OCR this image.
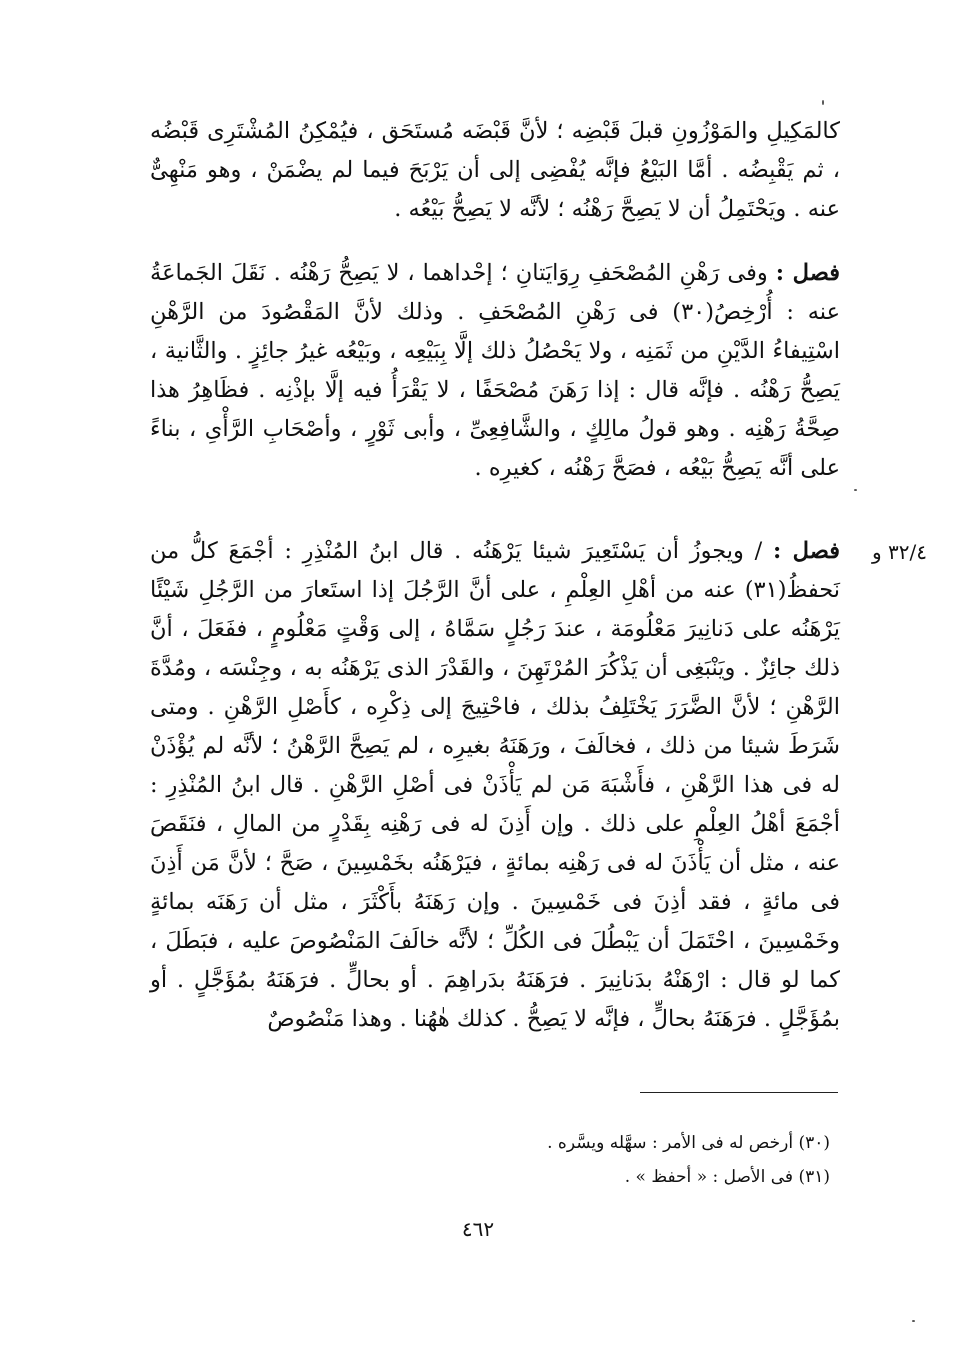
كالمَكِيلِ والمَوْزُونِ قبلَ قَبْضِه ؛ لأنَّ قَبْضَه مُستَحَق ، فيُمْكِنُ المُشْتَرِى قَبْضُه ، ثم يَقْبِضُه . أمَّا البَيْعُ فإنَّه يُفْضِى إلى أن يَرْبَحَ فيما لم يضْمَنْ ، وهو مَنْهِىٌّ عنه . ويَحْتَمِلُ أن لا يَصِحَّ رَهْنُه ؛ لأنَّه لا يَصِحُّ بَيْعُه .

فصل : وفى رَهْنِ المُصْحَفِ رِوَايَتانِ ؛ إحْداهما ، لا يَصِحُّ رَهْنُه . نَقَلَ الجَماعَةُ عنه : أُرْخِصُ(٣٠) فى رَهْنِ المُصْحَفِ . وذلك لأنَّ المَقْصُودَ من الرَّهْنِ اسْتِيفاءُ الدَّيْنِ من ثَمَنِه ، ولا يَحْصُلُ ذلك إلَّا بِبَيْعِه ، وبَيْعُه غيرُ جائِزٍ . والثَّانية ، يَصِحُّ رَهْنُه . فإنَّه قال : إذا رَهَنَ مُصْحَفًا ، لا يَقْرَأُ فيه إلَّا بإذْنِه . فظَاهِرُ هذا صِحَّةُ رَهْنِه . وهو قولُ مالِكٍ ، والشَّافِعِىِّ ، وأبى ثَوْرٍ ، وأصْحَابِ الرَّأْىِ ، بناءً على أنَّه يَصِحُّ بَيْعُه ، فصَحَّ رَهْنُه ، كغيرِه .

٣٢/٤ و

فصل : / ويجوزُ أن يَسْتَعِيرَ شيئا يَرْهَنُه . قال ابنُ المُنْذِرِ : أجْمَعَ كلُّ من نَحفظُ(٣١) عنه من أهْلِ العِلْمِ ، على أنَّ الرَّجُلَ إذا استَعارَ من الرَّجُلِ شَيْئًا يَرْهَنُه على دَنانِيرَ مَعْلُومَة ، عندَ رَجُلٍ سَمَّاهُ ، إلى وَقْتٍ مَعْلُومٍ ، ففَعَلَ ، أنَّ ذلك جائِزٌ . ويَنْبَغِى أن يَذْكُرَ المُرْتَهِنَ ، والقَدْرَ الذى يَرْهَنُه به ، وجِنْسَه ، ومُدَّةَ الرَّهْنِ ؛ لأنَّ الضَّرَرَ يَخْتَلِفُ بذلك ، فاحْتِيجَ إلى ذِكْرِه ، كأَصْلِ الرَّهْنِ . ومتى شَرَطَ شيئا من ذلك ، فخالَفَ ، ورَهَنَهُ بغيرِه ، لم يَصِحَّ الرَّهْنُ ؛ لأنَّه لم يُؤْذَنْ له فى هذا الرَّهْنِ ، فأَشْبَهَ مَن لم يَأْذَنْ فى أصْلِ الرَّهْنِ . قال ابنُ المُنْذِرِ : أجْمَعَ أهْلُ العِلْمِ على ذلك . وإن أَذِنَ له فى رَهْنِه بِقَدْرٍ من المالِ ، فنَقَصَ عنه ، مثل أن يَأْذَنَ له فى رَهْنِه بمائةٍ ، فيَرْهَنُه بخَمْسِينَ ، صَحَّ ؛ لأنَّ مَن أَذِنَ فى مائةٍ ، فقد أذِنَ فى خَمْسِينَ . وإن رَهَنَهُ بأَكْثَرَ ، مثل أن رَهَنَه بمائةٍ وخَمْسِينَ ، احْتَمَلَ أن يَبْطُلَ فى الكُلِّ ؛ لأنَّه خالَفَ المَنْصُوصَ عليه ، فبَطَلَ ، كما لو قال : ارْهَنْهُ بدَنانِيرَ . فرَهَنَهُ بدَراهِمَ . أو بحالٍّ . فرَهَنَهُ بمُؤَجَّلٍ . أو بمُؤَجَّلٍ . فرَهَنَهُ بحالٍّ ، فإنَّه لا يَصِحُّ . كذلك هٰهُنا . وهذا مَنْصُوصٌ

(٣٠) أرخص له فى الأمر : سهَّله ويسَّره .

(٣١) فى الأصل : « أحفظ » .

٤٦٢
